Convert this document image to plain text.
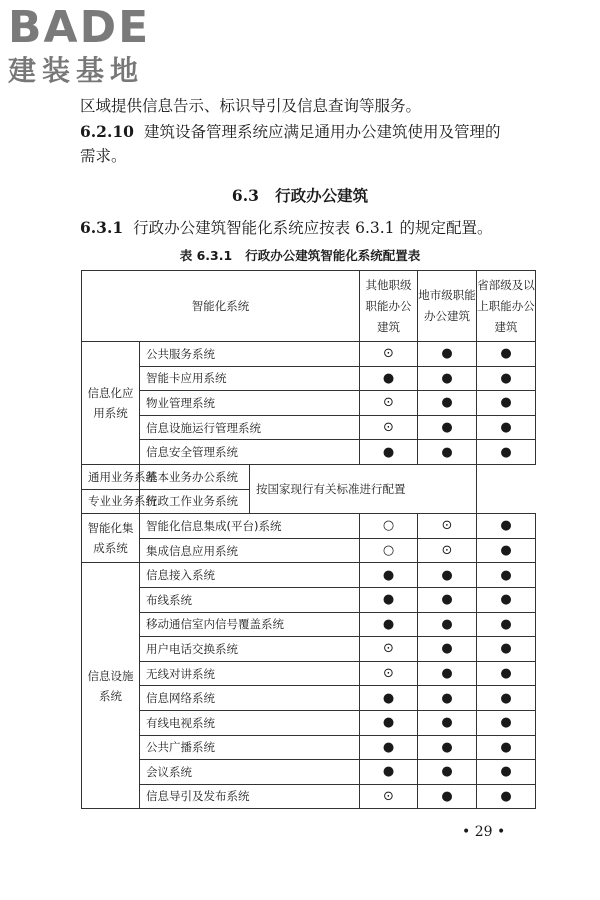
BADE
建装基地
区域提供信息告示、标识导引及信息查询等服务。
6.2.10 建筑设备管理系统应满足通用办公建筑使用及管理的
需求。
6.3 行政办公建筑
6.3.1 行政办公建筑智能化系统应按表 6.3.1 的规定配置。
表 6.3.1 行政办公建筑智能化系统配置表
智能化系统			其他职级职能办公建筑	地市级职能办公建筑	省部级及以上职能办公建筑
信息化应用系统	公共服务系统		⊙	●	●
	智能卡应用系统		●	●	●
	物业管理系统		⊙	●	●
	信息设施运行管理系统		⊙	●	●
	信息安全管理系统		●	●	●
通用业务系统	基本业务办公系统	按国家现行有关标准进行配置			
专业业务系统	行政工作业务系统				
智能化集成系统	智能化信息集成(平台)系统		○	⊙	●
	集成信息应用系统		○	⊙	●
信息设施系统	信息接入系统		●	●	●
	布线系统		●	●	●
	移动通信室内信号覆盖系统		●	●	●
	用户电话交换系统		⊙	●	●
	无线对讲系统		⊙	●	●
	信息网络系统		●	●	●
	有线电视系统		●	●	●
	公共广播系统		●	●	●
	会议系统		●	●	●
	信息导引及发布系统		⊙	●	●
• 29 •
